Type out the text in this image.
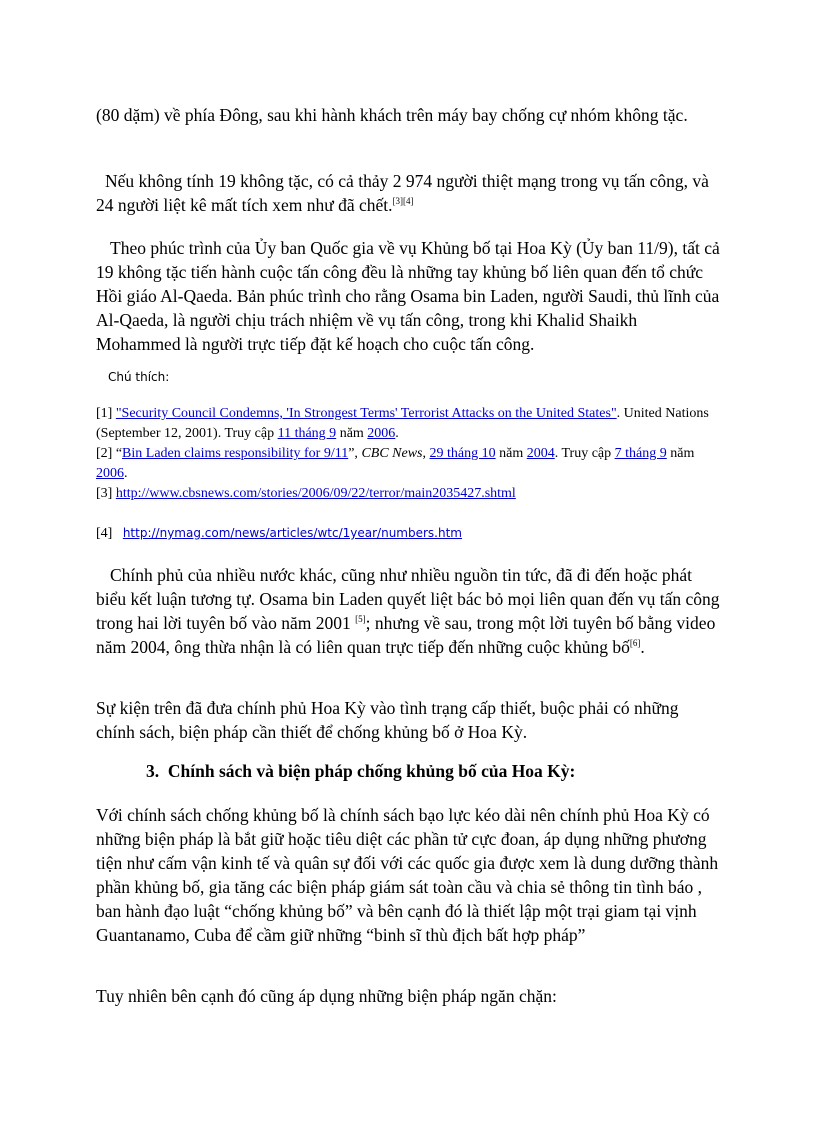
(80 dặm) về phía Đông, sau khi hành khách trên máy bay chống cự nhóm không tặc.

Nếu không tính 19 không tặc, có cả thảy 2 974 người thiệt mạng trong vụ tấn công, và 24 người liệt kê mất tích xem như đã chết.[3][4]

Theo phúc trình của Ủy ban Quốc gia về vụ Khủng bố tại Hoa Kỳ (Ủy ban 11/9), tất cả 19 không tặc tiến hành cuộc tấn công đều là những tay khủng bố liên quan đến tổ chức Hồi giáo Al-Qaeda. Bản phúc trình cho rằng Osama bin Laden, người Saudi, thủ lĩnh của Al-Qaeda, là người chịu trách nhiệm về vụ tấn công, trong khi Khalid Shaikh Mohammed là người trực tiếp đặt kế hoạch cho cuộc tấn công.

Chú thích:
[1] "Security Council Condemns, 'In Strongest Terms' Terrorist Attacks on the United States". United Nations (September 12, 2001). Truy cập 11 tháng 9 năm 2006.
[2] “Bin Laden claims responsibility for 9/11”, CBC News, 29 tháng 10 năm 2004. Truy cập 7 tháng 9 năm 2006.
[3] http://www.cbsnews.com/stories/2006/09/22/terror/main2035427.shtml
[4] http://nymag.com/news/articles/wtc/1year/numbers.htm

Chính phủ của nhiều nước khác, cũng như nhiều nguồn tin tức, đã đi đến hoặc phát biểu kết luận tương tự. Osama bin Laden quyết liệt bác bỏ mọi liên quan đến vụ tấn công trong hai lời tuyên bố vào năm 2001 [5]; nhưng về sau, trong một lời tuyên bố bằng video năm 2004, ông thừa nhận là có liên quan trực tiếp đến những cuộc khủng bố[6].

Sự kiện trên đã đưa chính phủ Hoa Kỳ vào tình trạng cấp thiết, buộc phải có những chính sách, biện pháp cần thiết để chống khủng bố ở Hoa Kỳ.

3. Chính sách và biện pháp chống khủng bố của Hoa Kỳ:

Với chính sách chống khủng bố là chính sách bạo lực kéo dài nên chính phủ Hoa Kỳ có những biện pháp là bắt giữ hoặc tiêu diệt các phần tử cực đoan, áp dụng những phương tiện như cấm vận kinh tế và quân sự đối với các quốc gia được xem là dung dưỡng thành phần khủng bố, gia tăng các biện pháp giám sát toàn cầu và chia sẻ thông tin tình báo , ban hành đạo luật “chống khủng bố” và bên cạnh đó là thiết lập một trại giam tại vịnh Guantanamo, Cuba để cầm giữ những “binh sĩ thù địch bất hợp pháp”

Tuy nhiên bên cạnh đó cũng áp dụng những biện pháp ngăn chặn:
